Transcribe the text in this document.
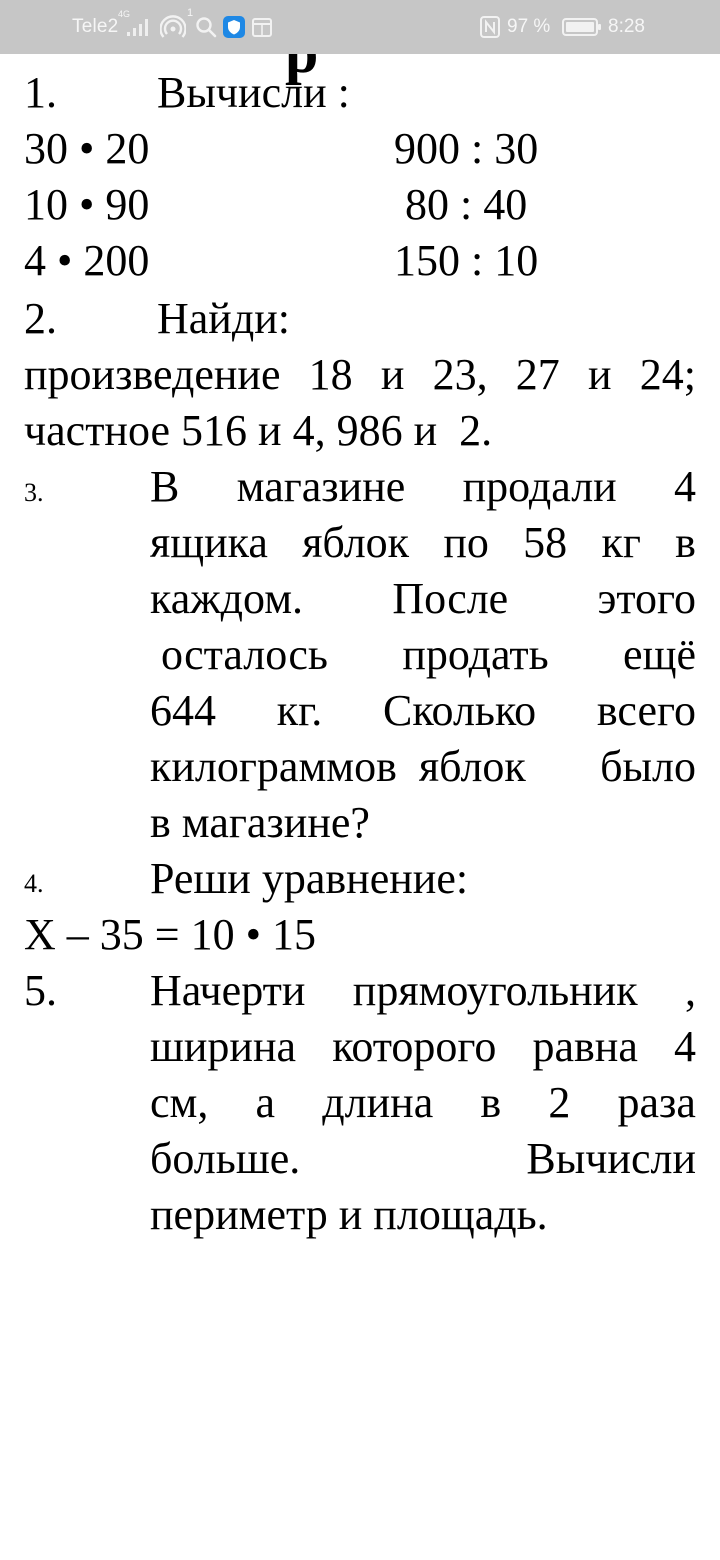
Tele2
4G	1
97 %	8:28
1. Вычисли :
30 • 20	900 : 30
10 • 90	80 : 40
4 • 200	150 : 10
2. Найди:
произведение 18 и 23, 27 и 24;
частное 516 и 4, 986 и  2.
3. В магазине продали 4
ящика яблок по 58 кг в
каждом. После этого
осталось продать ещё
644 кг. Сколько всего
килограммов  яблок было
в магазине?
4. Реши уравнение:
X – 35 = 10 • 15
5. Начерти прямоугольник ,
ширина которого равна 4
см, а длина в 2 раза
больше.	Вычисли
периметр и площадь.
